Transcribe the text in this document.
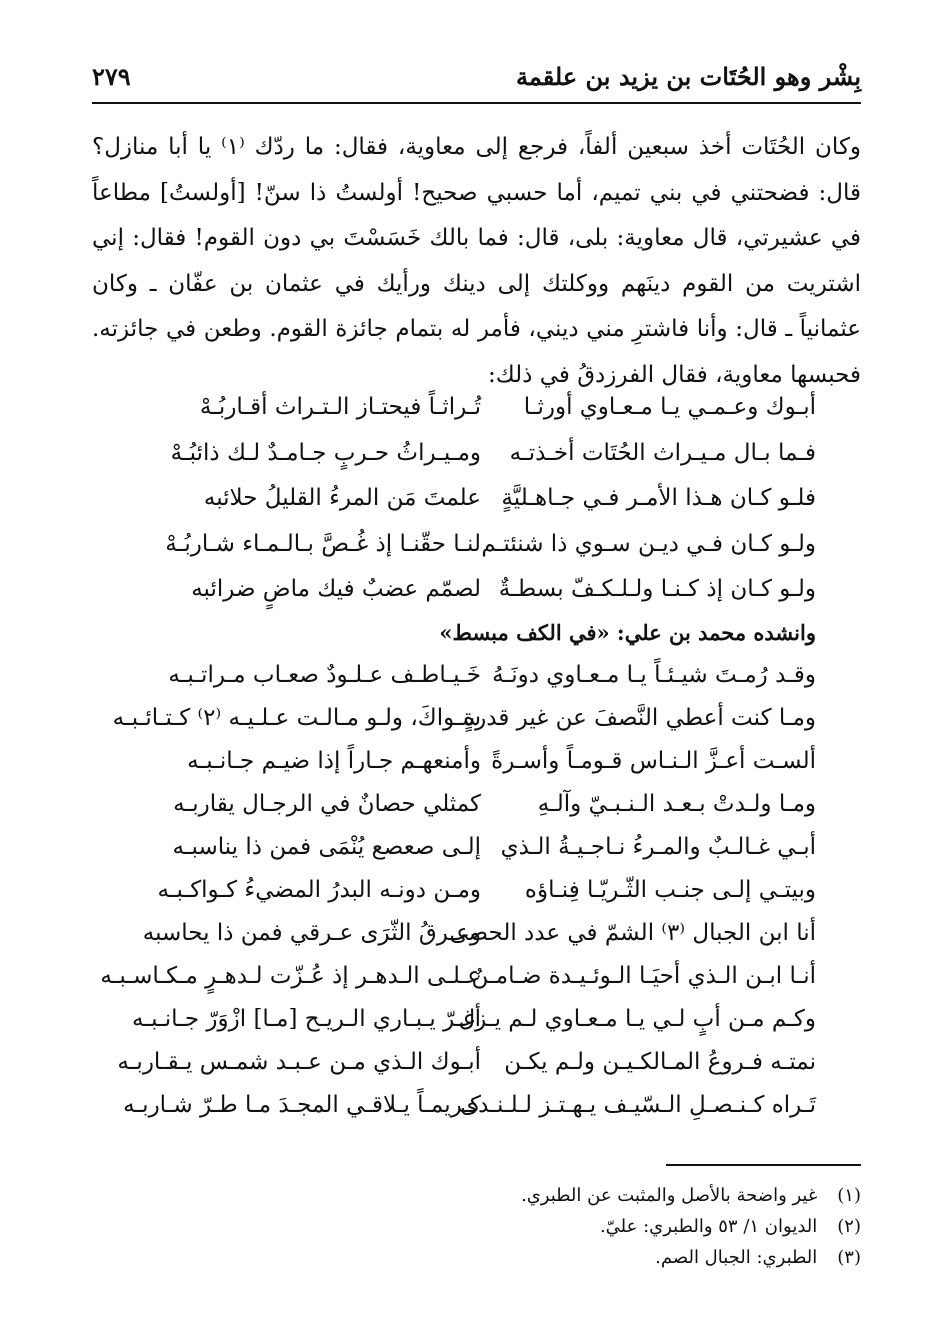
بِشْر وهو الحُتَات بن يزيد بن علقمة
٢٧٩

وكان الحُتَات أخذ سبعين ألفاً، فرجع إلى معاوية، فقال: ما ردّك ⁽١⁾ يا أبا منازل؟ قال: فضحتني في بني تميم، أما حسبي صحيح! أولستُ ذا سنّ! [أولستُ] مطاعاً في عشيرتي، قال معاوية: بلى، قال: فما بالك خَسَسْتَ بي دون القوم! فقال: إني اشتريت من القوم دينَهم ووكلتك إلى دينك ورأيك في عثمان بن عفّان ـ وكان عثمانياً ـ قال: وأنا فاشترِ مني ديني، فأمر له بتمام جائزة القوم. وطعن في جائزته. فحبسها معاوية، فقال الفرزدقُ في ذلك:

أبـوك وعـمـي يـا مـعـاوي أورثـا
تُـراثـاً فيحتـاز الـتـراث أقـاربُـهْ
فـما بـال مـيـراث الحُتَات أخـذتـه
ومـيـراثُ حـربٍ جـامـدٌ لـك ذائبُـهْ
فلـو كـان هـذا الأمـر فـي جـاهـليَّةٍ
علمتَ مَن المرءُ القليلُ حلائبه
ولـو كـان فـي ديـن سـوي ذا شنئتـم
لنـا حقّنـا إذ غُـصَّ بـالـمـاء شـاربُـهْ
ولـو كـان إذ كـنـا ولـلـكـفّ بسطـةٌ
لصمّم عضبٌ فيك ماضٍ ضرائبه
وانشده محمد بن علي: «في الكف مبسط»
وقـد رُمـتَ شيـئـاً يـا مـعـاوي دونَـهُ
خَـيـاطـف عـلـودٌ صعـاب مـراتـبـه
ومـا كنت أعطي النَّصفَ عن غير قدرةٍ
سـواكَ، ولـو مـالـت عـلـيـه ⁽٢⁾ كـتـائـبـه
ألسـت أعـزَّ الـنـاس قـومـاً وأسـرةً
وأمنعهـم جـاراً إذا ضيـم جـانـبـه
ومـا ولـدتْ بـعـد الـنـبـيّ وآلـهِ
كمثلي حصانٌ في الرجـال يقاربـه
أبـي غـالـبٌ والمـرءُ نـاجـيـةُ الـذي
إلـى صعصع يُنْمَى فمن ذا يناسبـه
وبيتـي إلـى جنـب الثّـريّـا فِنـاؤه
ومـن دونـه البدرُ المضيءُ كـواكـبـه
أنا ابن الجبال ⁽٣⁾ الشمّ في عدد الحصى
وعـرقُ الثّرَى عـرقي فمن ذا يحاسبه
أنـا ابـن الـذي أحيَـا الـوئـيـدة ضـامـنٌ
عـلـى الـدهـر إذ عُـزّت لـدهـرٍ مـكـاسـبـه
وكـم مـن أبٍ لـي يـا مـعـاوي لـم يـزل
أغـرّ يـبـاري الـريـح [مـا] ازْوَرّ جـانـبـه
نمتـه فـروعُ المـالكـيـن ولـم يكـن
أبـوك الـذي مـن عـبـد شمـس يـقـاربـه
تَـراه كـنـصـلِ الـسّيـف يـهـتـز لـلـنـدى
كـريمـاً يـلاقـي المجـدَ مـا طـرّ شـاربـه
(١) غير واضحة بالأصل والمثبت عن الطبري.
(٢) الديوان ١/ ٥٣ والطبري: عليّ.
(٣) الطبري: الجبال الصم.
